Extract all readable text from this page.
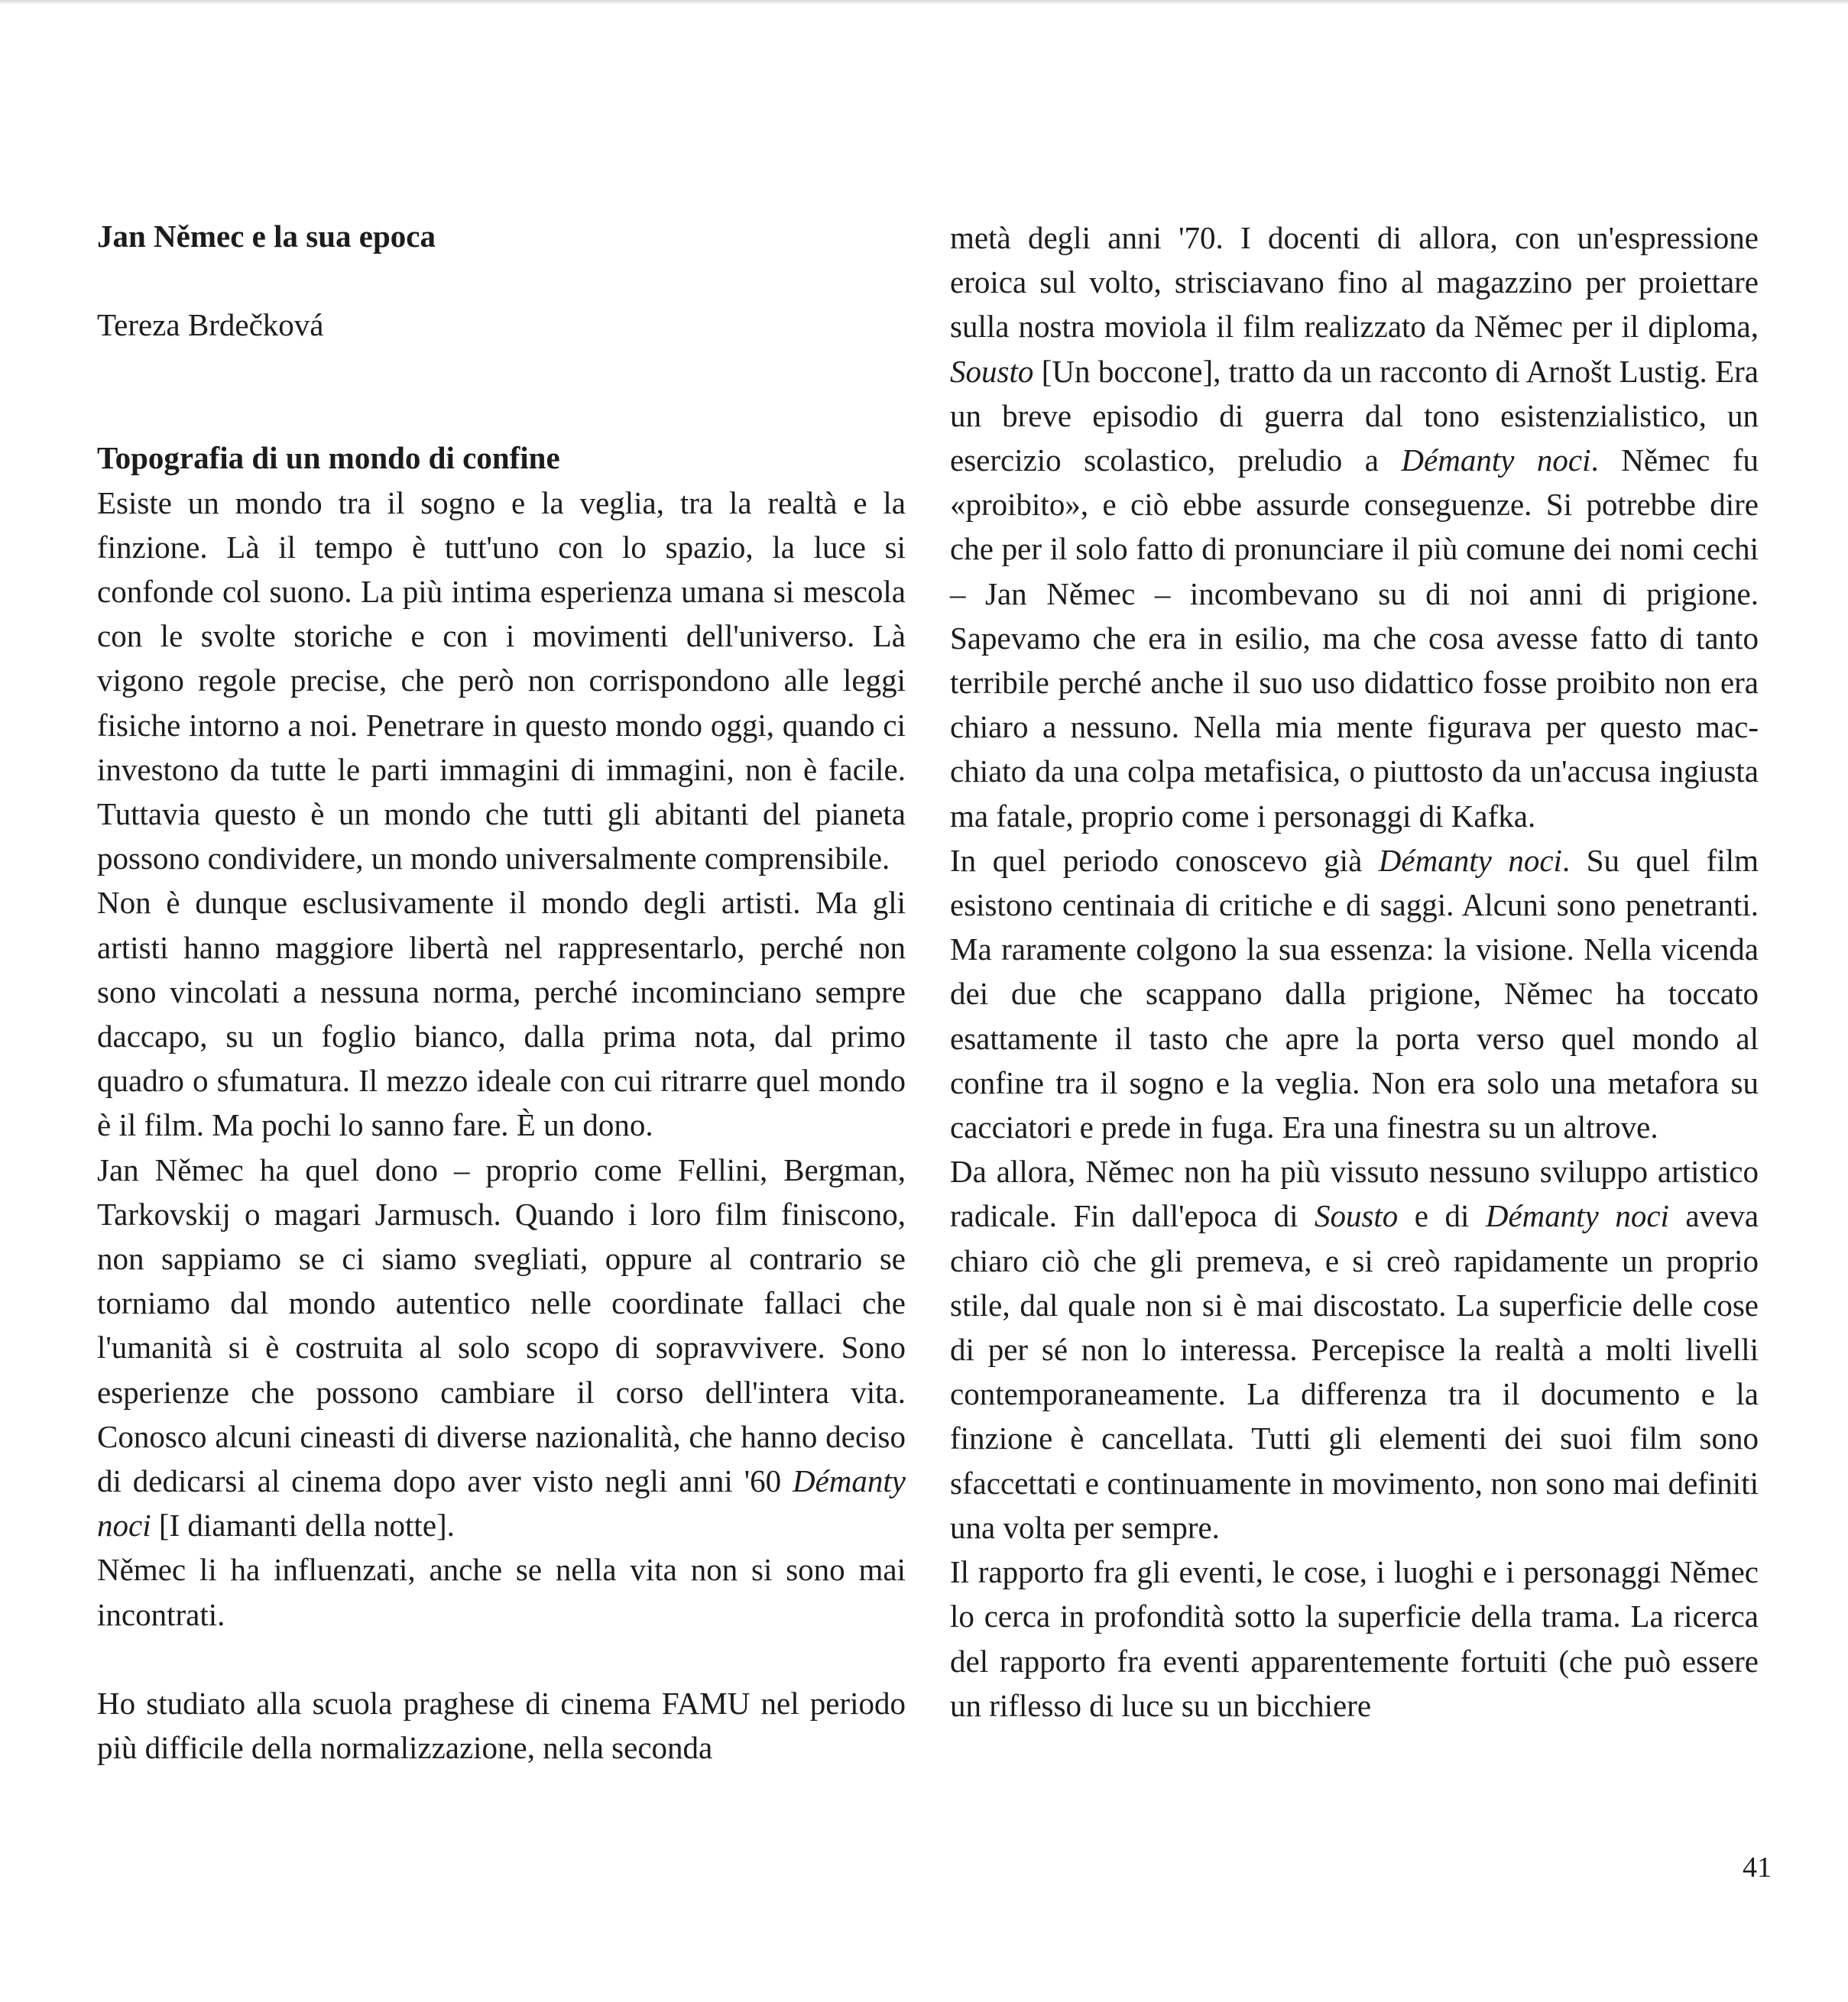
Jan Němec e la sua epoca

Tereza Brdečková

Topografia di un mondo di confine

Esiste un mondo tra il sogno e la veglia, tra la realtà e la finzione. Là il tempo è tutt'uno con lo spazio, la luce si confonde col suono. La più intima esperienza umana si mescola con le svolte storiche e con i movimenti dell'universo. Là vigono regole precise, che però non corrispondono alle leggi fisiche intorno a noi. Penetrare in questo mondo oggi, quando ci investono da tutte le parti immagini di immagini, non è facile. Tuttavia questo è un mondo che tutti gli abitanti del pianeta possono condividere, un mondo universalmente comprensibile.

Non è dunque esclusivamente il mondo degli artisti. Ma gli artisti hanno maggiore libertà nel rappresentarlo, perché non sono vincolati a nessuna norma, perché incominciano sempre daccapo, su un foglio bianco, dalla prima nota, dal primo quadro o sfumatura. Il mezzo ideale con cui ritrarre quel mondo è il film. Ma pochi lo sanno fare. È un dono.

Jan Němec ha quel dono – proprio come Fellini, Bergman, Tarkovskij o magari Jarmusch. Quando i loro film finiscono, non sappiamo se ci siamo svegliati, oppure al contrario se torniamo dal mondo autentico nelle coordinate fallaci che l'umanità si è costruita al solo scopo di sopravvivere. Sono esperienze che possono cambiare il corso dell'intera vita. Conosco alcuni cineasti di diverse nazionalità, che hanno deciso di dedicarsi al cinema dopo aver visto negli anni '60 Démanty noci [I diamanti della notte].

Němec li ha influenzati, anche se nella vita non si sono mai incontrati.

Ho studiato alla scuola praghese di cinema FAMU nel periodo più difficile della normalizzazione, nella seconda

metà degli anni '70. I docenti di allora, con un'espressione eroica sul volto, strisciavano fino al magazzino per proiettare sulla nostra moviola il film realizzato da Němec per il diploma, Sousto [Un boccone], tratto da un racconto di Arnošt Lustig. Era un breve episodio di guerra dal tono esistenzialistico, un esercizio scolastico, preludio a Démanty noci. Němec fu «proibito», e ciò ebbe assurde conseguenze. Si potrebbe dire che per il solo fatto di pronunciare il più comune dei nomi cechi – Jan Němec – incombevano su di noi anni di prigione. Sapevamo che era in esilio, ma che cosa avesse fatto di tanto terribile perché anche il suo uso didattico fosse proibito non era chiaro a nessuno. Nella mia mente figurava per questo macchiato da una colpa metafisica, o piuttosto da un'accusa ingiusta ma fatale, proprio come i personaggi di Kafka.

In quel periodo conoscevo già Démanty noci. Su quel film esistono centinaia di critiche e di saggi. Alcuni sono penetranti. Ma raramente colgono la sua essenza: la visione. Nella vicenda dei due che scappano dalla prigione, Němec ha toccato esattamente il tasto che apre la porta verso quel mondo al confine tra il sogno e la veglia. Non era solo una metafora su cacciatori e prede in fuga. Era una finestra su un altrove.

Da allora, Němec non ha più vissuto nessuno sviluppo artistico radicale. Fin dall'epoca di Sousto e di Démanty noci aveva chiaro ciò che gli premeva, e si creò rapidamente un proprio stile, dal quale non si è mai discostato. La superficie delle cose di per sé non lo interessa. Percepisce la realtà a molti livelli contemporaneamente. La differenza tra il documento e la finzione è cancellata. Tutti gli elementi dei suoi film sono sfaccettati e continuamente in movimento, non sono mai definiti una volta per sempre.

Il rapporto fra gli eventi, le cose, i luoghi e i personaggi Němec lo cerca in profondità sotto la superficie della trama. La ricerca del rapporto fra eventi apparentemente fortuiti (che può essere un riflesso di luce su un bicchiere

41
